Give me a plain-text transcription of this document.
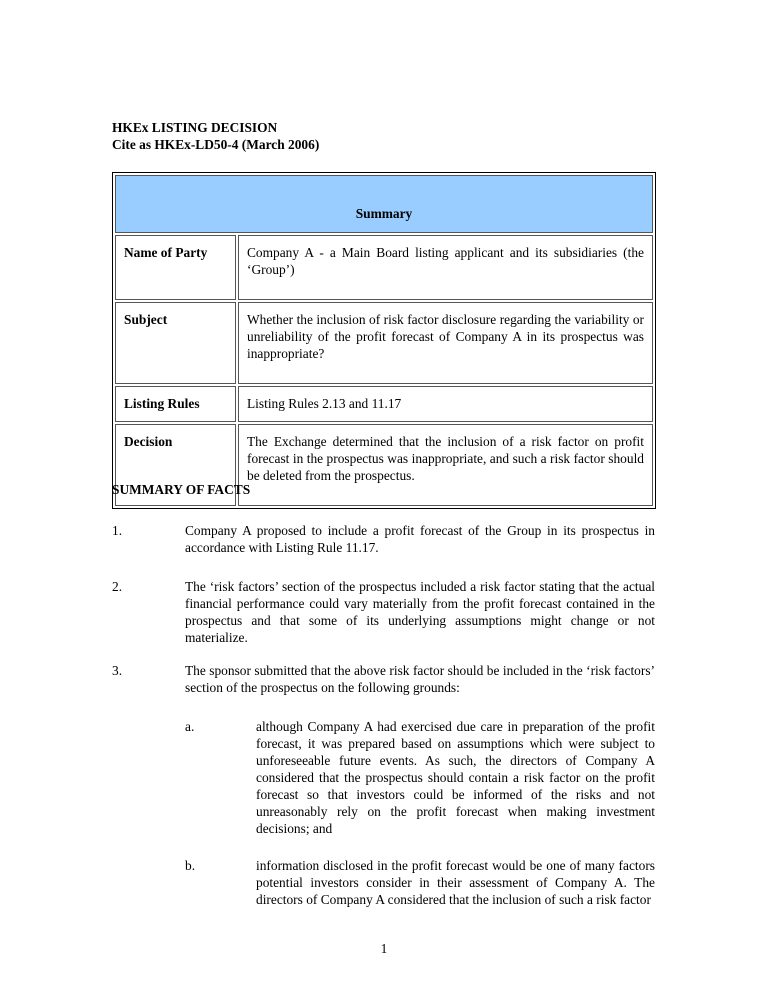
HKEx LISTING DECISION
Cite as HKEx-LD50-4 (March 2006)
Summary	
Name of Party	Company A - a Main Board listing applicant and its subsidiaries (the ‘Group’)
Subject	Whether the inclusion of risk factor disclosure regarding the variability or unreliability of the profit forecast of Company A in its prospectus was inappropriate?
Listing Rules	Listing Rules 2.13 and 11.17
Decision	The Exchange determined that the inclusion of a risk factor on profit forecast in the prospectus was inappropriate, and such a risk factor should be deleted from the prospectus.
SUMMARY OF FACTS
1.	Company A proposed to include a profit forecast of the Group in its prospectus in accordance with Listing Rule 11.17.
2.	The ‘risk factors’ section of the prospectus included a risk factor stating that the actual financial performance could vary materially from the profit forecast contained in the prospectus and that some of its underlying assumptions might change or not materialize.
3.	The sponsor submitted that the above risk factor should be included in the ‘risk factors’ section of the prospectus on the following grounds:
a.	although Company A had exercised due care in preparation of the profit forecast, it was prepared based on assumptions which were subject to unforeseeable future events. As such, the directors of Company A considered that the prospectus should contain a risk factor on the profit forecast so that investors could be informed of the risks and not unreasonably rely on the profit forecast when making investment decisions; and
b.	information disclosed in the profit forecast would be one of many factors potential investors consider in their assessment of Company A. The directors of Company A considered that the inclusion of such a risk factor
1
